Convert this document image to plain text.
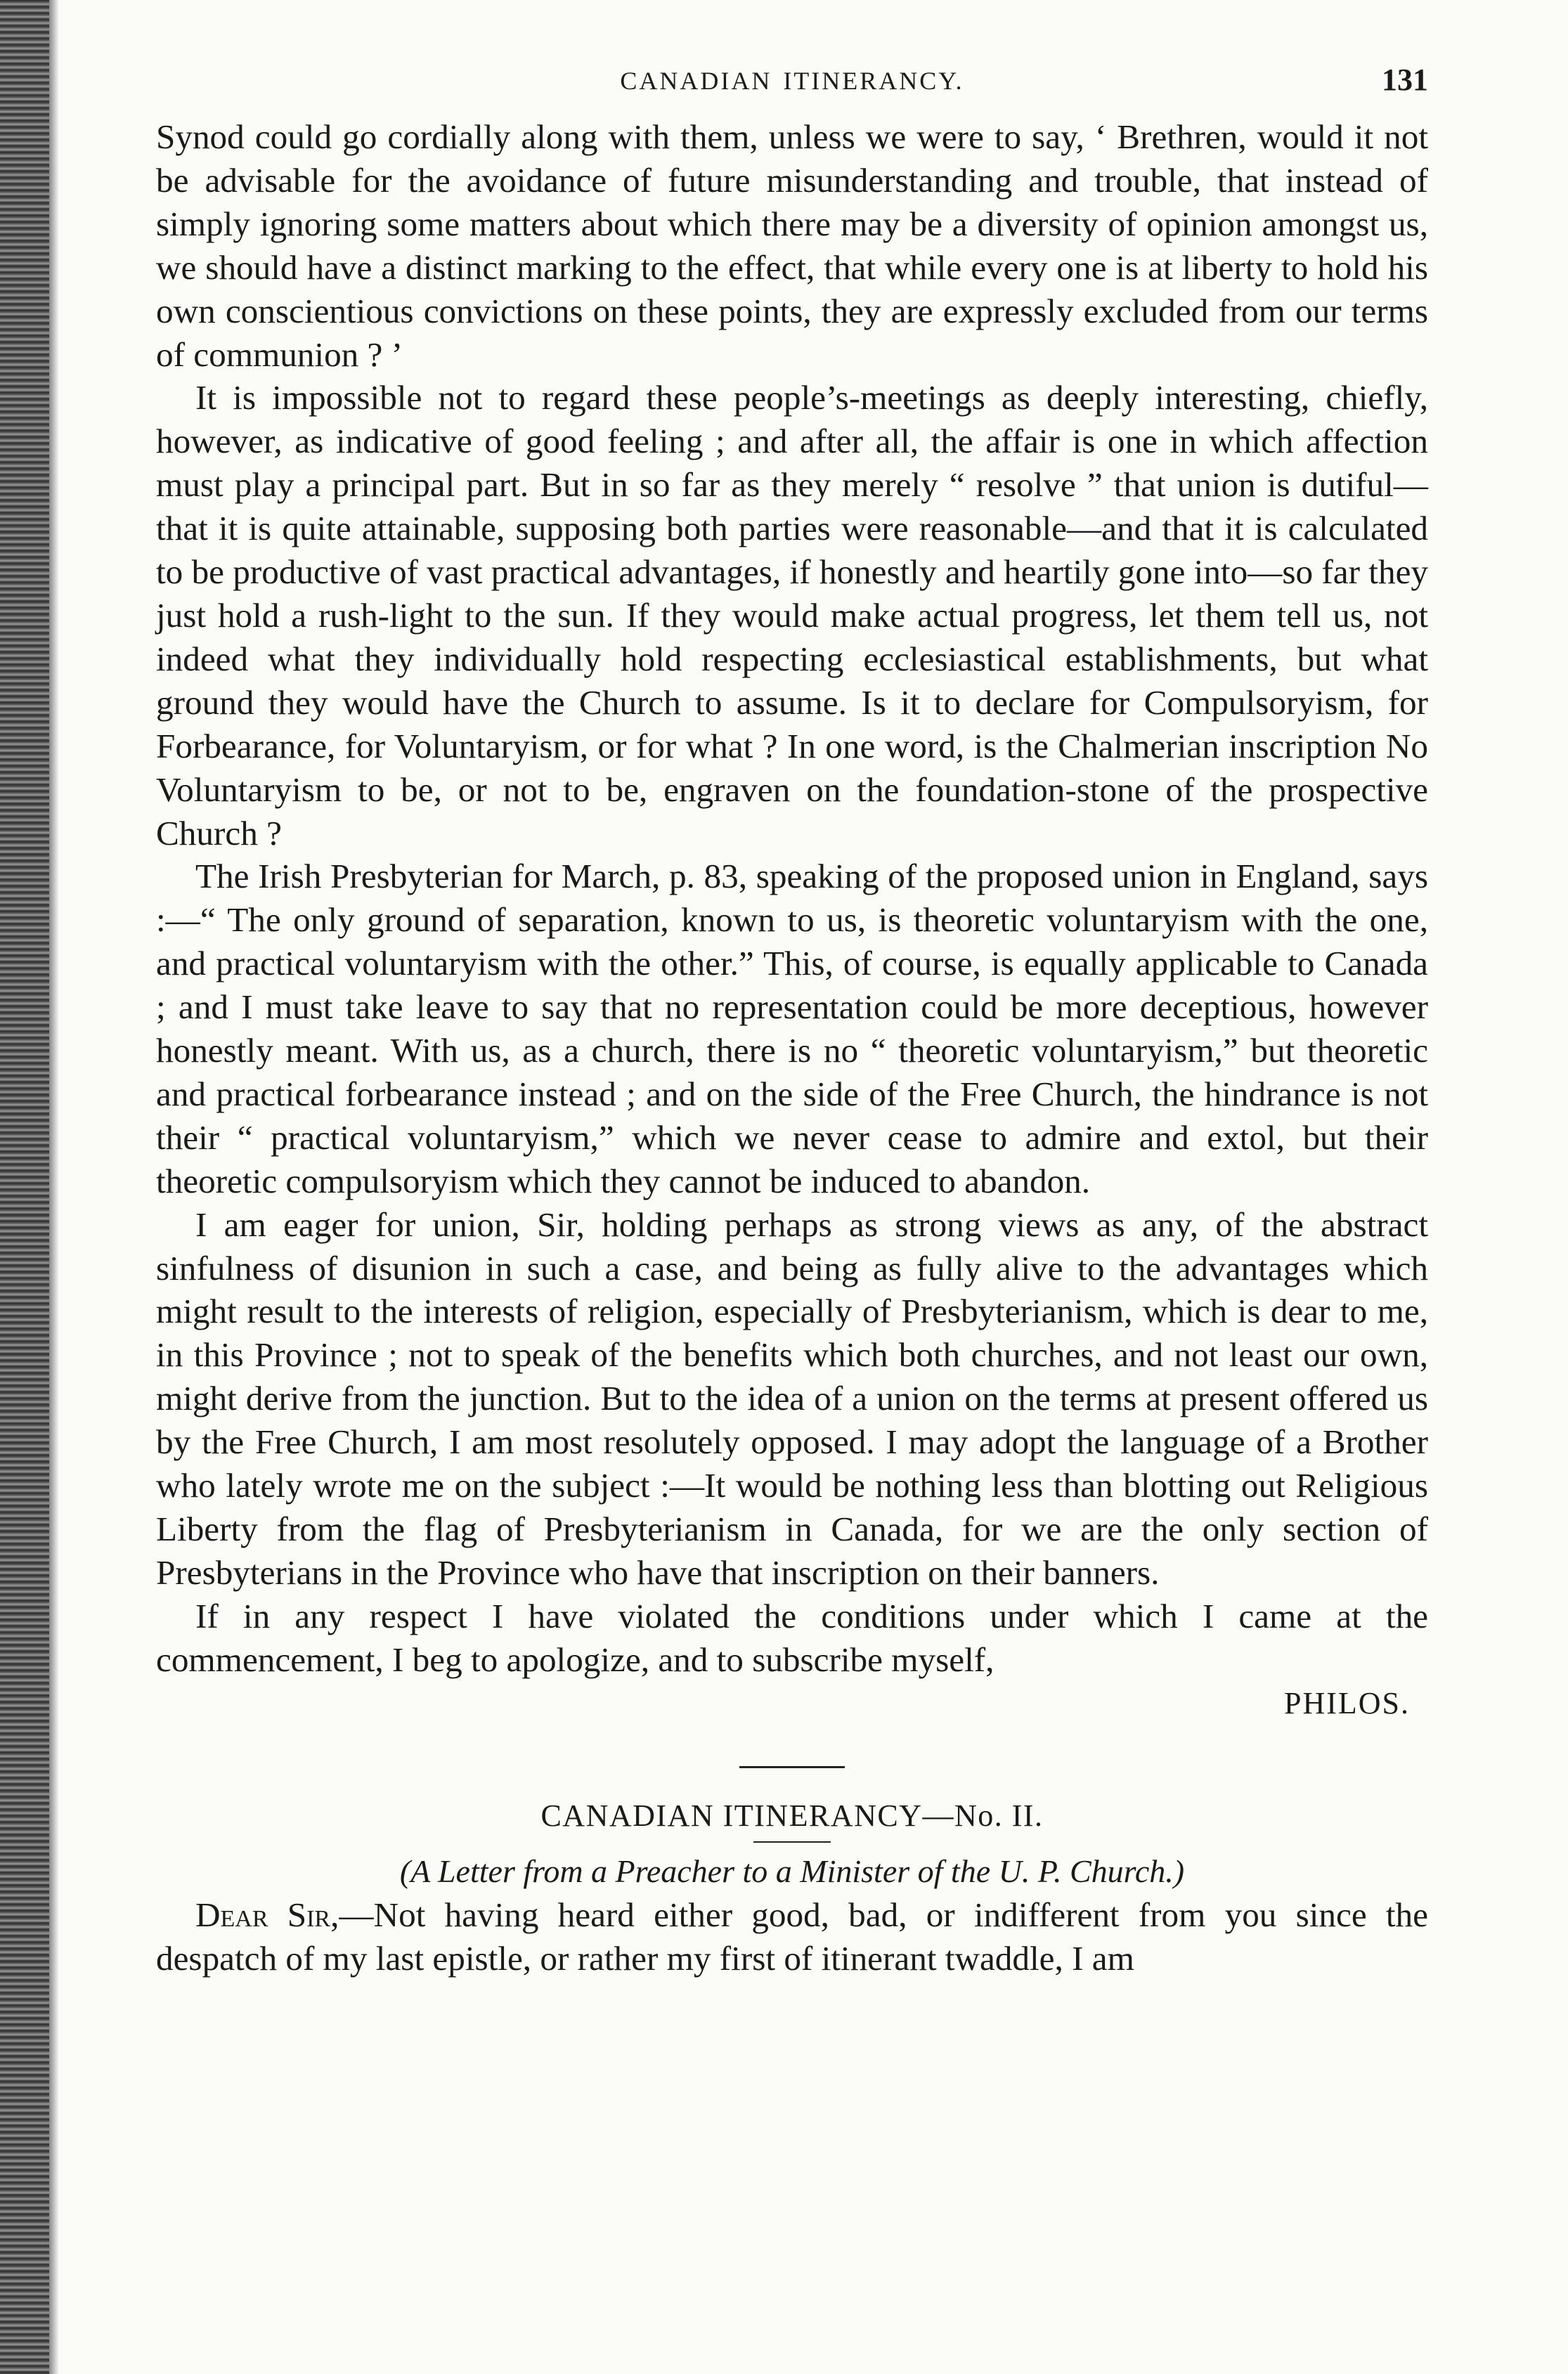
CANADIAN ITINERANCY.	131

Synod could go cordially along with them, unless we were to say, ‘ Brethren, would it not be advisable for the avoidance of future misunderstanding and trouble, that instead of simply ignoring some matters about which there may be a diversity of opinion amongst us, we should have a distinct marking to the effect, that while every one is at liberty to hold his own conscientious convictions on these points, they are expressly excluded from our terms of communion ? ’

It is impossible not to regard these people’s-meetings as deeply interesting, chiefly, however, as indicative of good feeling ; and after all, the affair is one in which affection must play a principal part. But in so far as they merely “ resolve ” that union is dutiful—that it is quite attainable, supposing both parties were reasonable—and that it is calculated to be productive of vast practical advantages, if honestly and heartily gone into—so far they just hold a rush-light to the sun. If they would make actual progress, let them tell us, not indeed what they individually hold respecting ecclesiastical establishments, but what ground they would have the Church to assume. Is it to declare for Compulsoryism, for Forbearance, for Voluntaryism, or for what ? In one word, is the Chalmerian inscription No Voluntaryism to be, or not to be, engraven on the foundation-stone of the prospective Church ?

The Irish Presbyterian for March, p. 83, speaking of the proposed union in England, says :—“ The only ground of separation, known to us, is theoretic voluntaryism with the one, and practical voluntaryism with the other.” This, of course, is equally applicable to Canada ; and I must take leave to say that no representation could be more deceptious, however honestly meant. With us, as a church, there is no “ theoretic voluntaryism,” but theoretic and practical forbearance instead ; and on the side of the Free Church, the hindrance is not their “ practical voluntaryism,” which we never cease to admire and extol, but their theoretic compulsoryism which they cannot be induced to abandon.

I am eager for union, Sir, holding perhaps as strong views as any, of the abstract sinfulness of disunion in such a case, and being as fully alive to the advantages which might result to the interests of religion, especially of Presbyterianism, which is dear to me, in this Province ; not to speak of the benefits which both churches, and not least our own, might derive from the junction. But to the idea of a union on the terms at present offered us by the Free Church, I am most resolutely opposed. I may adopt the language of a Brother who lately wrote me on the subject :—It would be nothing less than blotting out Religious Liberty from the flag of Presbyterianism in Canada, for we are the only section of Presbyterians in the Province who have that inscription on their banners.

If in any respect I have violated the conditions under which I came at the commencement, I beg to apologize, and to subscribe myself,

PHILOS.
CANADIAN ITINERANCY—No. II.
(A Letter from a Preacher to a Minister of the U. P. Church.)

Dear Sir,—Not having heard either good, bad, or indifferent from you since the despatch of my last epistle, or rather my first of itinerant twaddle, I am
